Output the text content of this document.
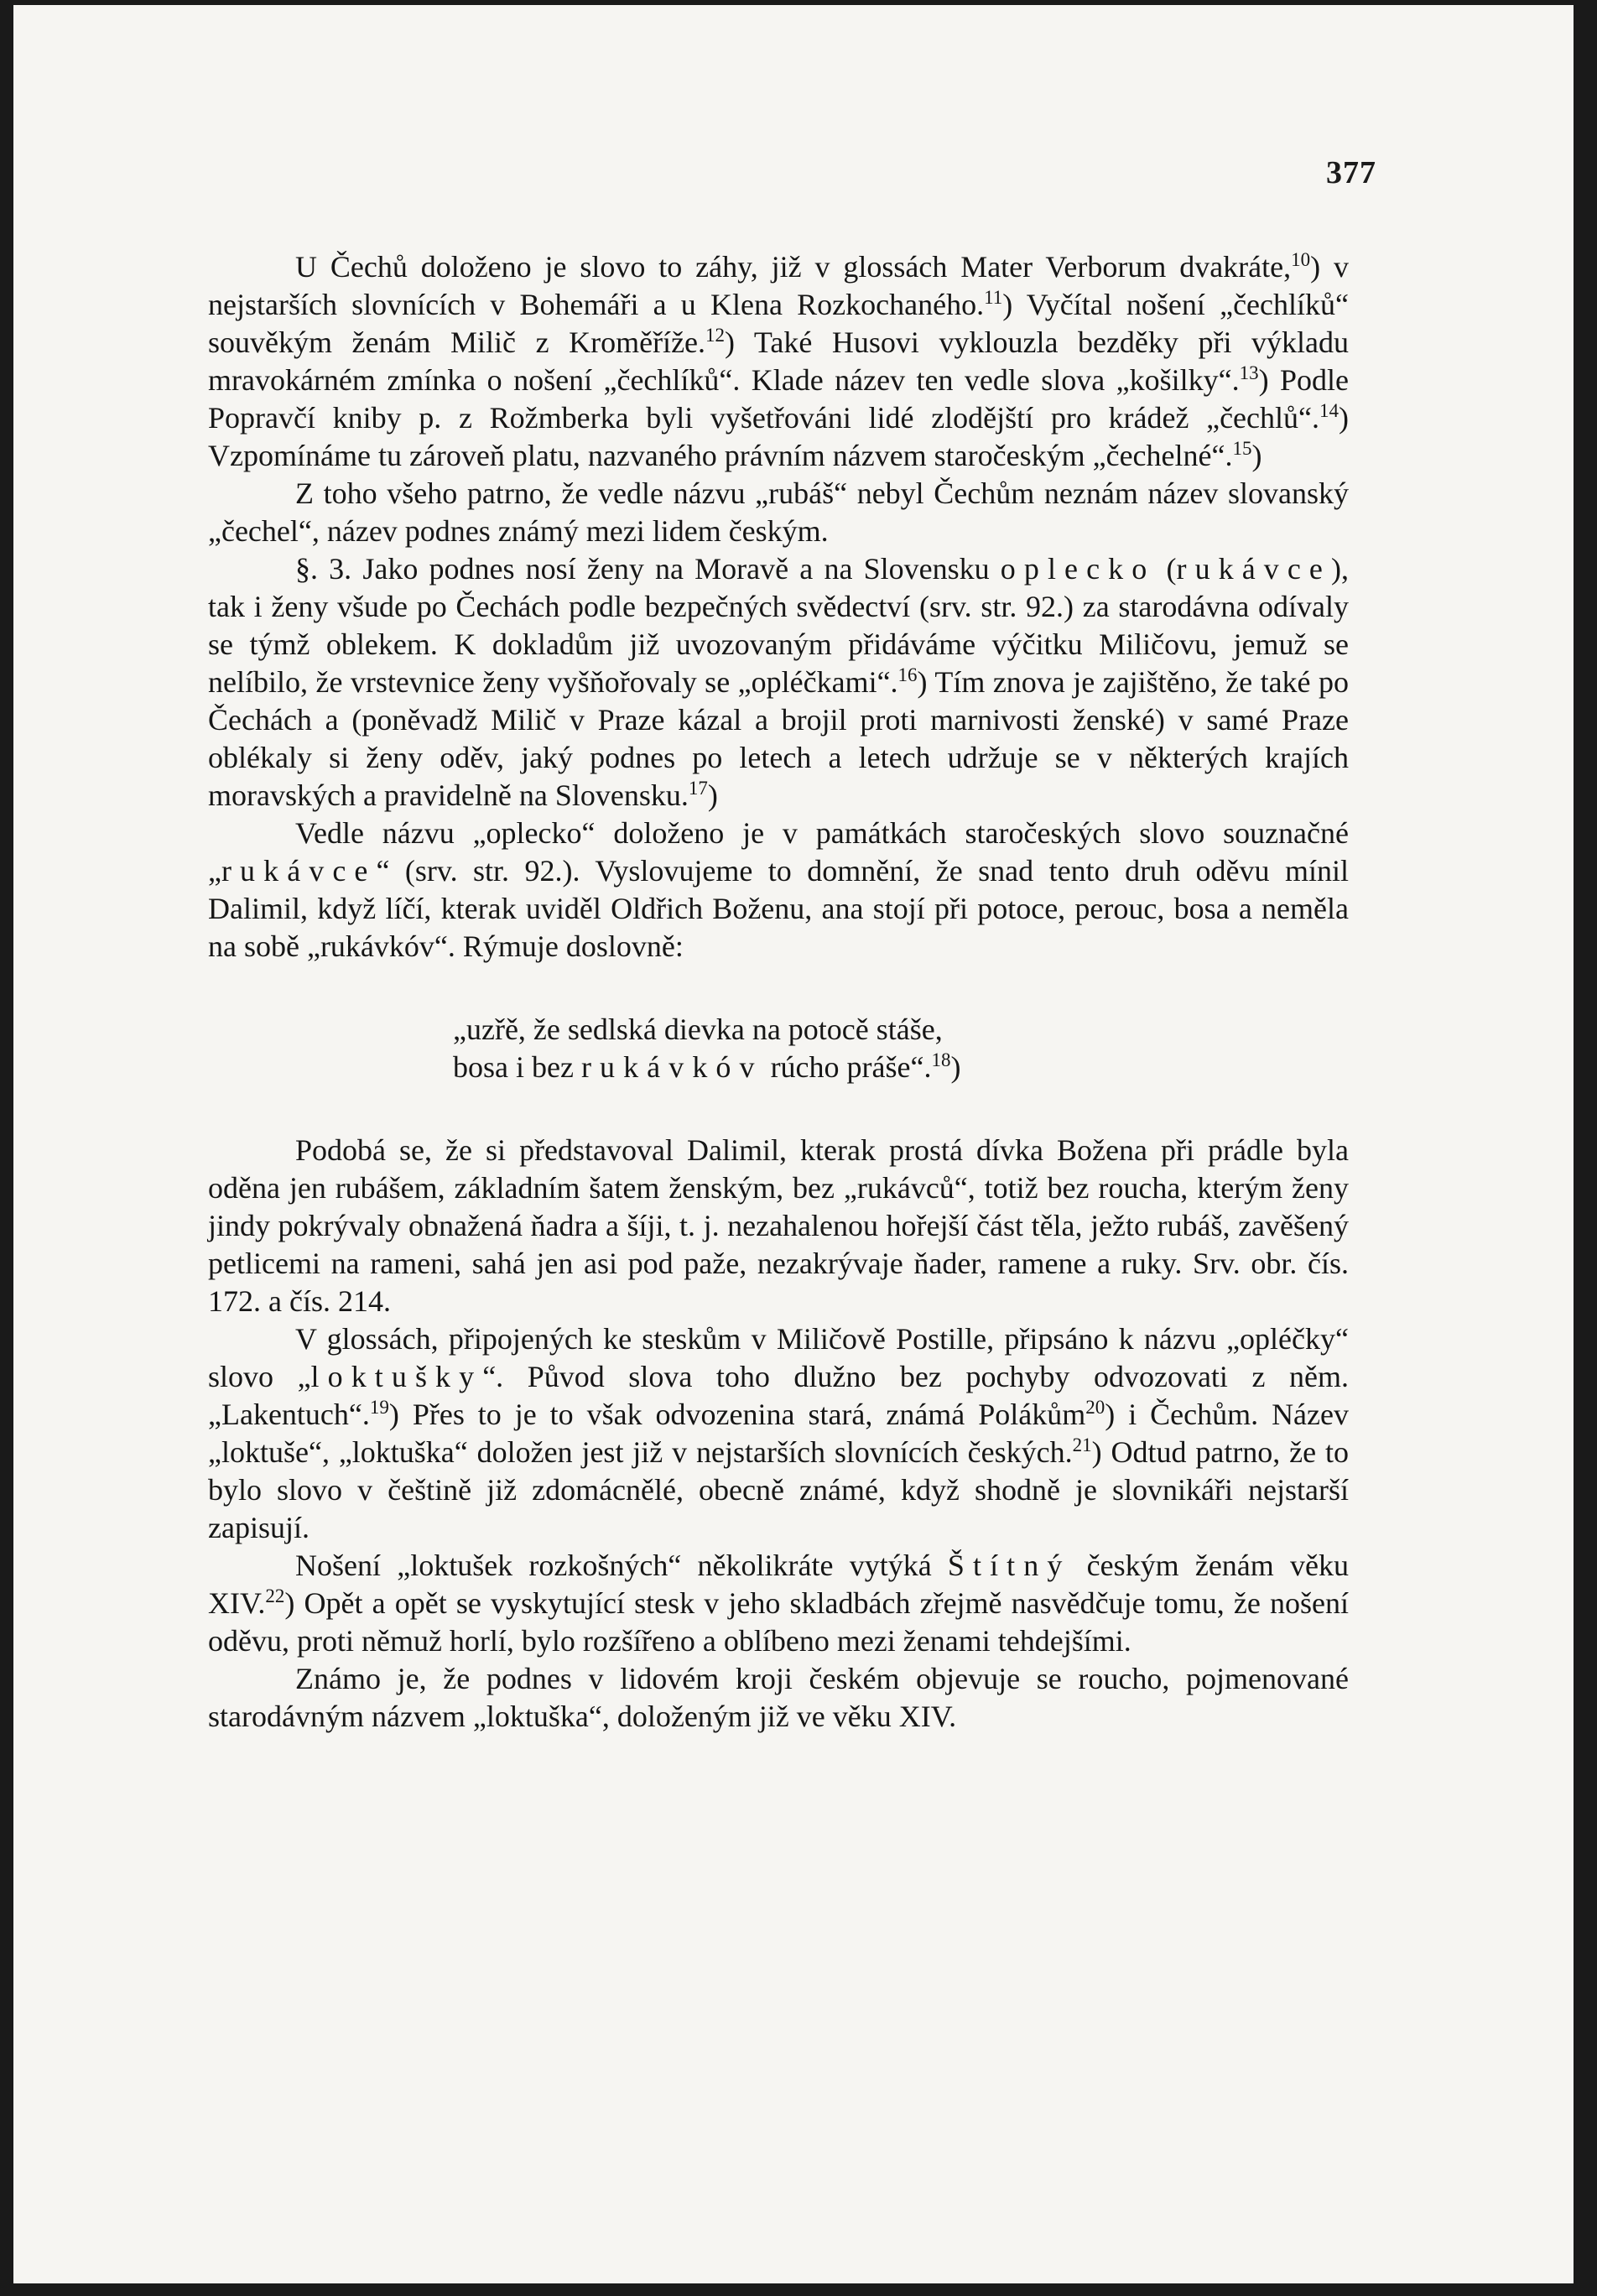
377

U Čechů doloženo je slovo to záhy, již v glossách Mater Verborum dvakráte,$^{10}$) v nejstarších slovnících v Bohemáři a u Klena Rozkochaného.$^{11}$) Vyčítal nošení „čechlíků“ souvěkým ženám Milič z Kroměříže.$^{12}$) Také Husovi vyklouzla bezděky při výkladu mravokárném zmínka o nošení „čechlíků“. Klade název ten vedle slova „košilky“.$^{13}$) Podle Popravčí kniby p. z Rožmberka byli vyšetřováni lidé zlodějští pro krádež „čechlů“.$^{14}$) Vzpomínáme tu zároveň platu, nazvaného právním názvem staročeským „čechelné“.$^{15}$)

Z toho všeho patrno, že vedle názvu „rubáš“ nebyl Čechům neznám název slovanský „čechel“, název podnes známý mezi lidem českým.

§. 3. Jako podnes nosí ženy na Moravě a na Slovensku oplecko (rukávce), tak i ženy všude po Čechách podle bezpečných svědectví (srv. str. 92.) za starodávna odívaly se týmž oblekem. K dokladům již uvozovaným přidáváme výčitku Miličovu, jemuž se nelíbilo, že vrstevnice ženy vyšňořovaly se „opléčkami“.$^{16}$) Tím znova je zajištěno, že také po Čechách a (poněvadž Milič v Praze kázal a brojil proti marnivosti ženské) v samé Praze oblékaly si ženy oděv, jaký podnes po letech a letech udržuje se v některých krajích moravských a pravidelně na Slovensku.$^{17}$)

Vedle názvu „oplecko“ doloženo je v památkách staročeských slovo souznačné „rukávce“ (srv. str. 92.). Vyslovujeme to domnění, že snad tento druh oděvu mínil Dalimil, když líčí, kterak uviděl Oldřich Boženu, ana stojí při potoce, perouc, bosa a neměla na sobě „rukávkóv“. Rýmuje doslovně:

„uzřě, že sedlská dievka na potocě stáše,

bosa i bez rukávkóv rúcho práše“.$^{18}$)

Podobá se, že si představoval Dalimil, kterak prostá dívka Božena při prádle byla oděna jen rubášem, základním šatem ženským, bez „rukávců“, totiž bez roucha, kterým ženy jindy pokrývaly obnažená ňadra a šíji, t. j. nezahalenou hořejší část těla, ježto rubáš, zavěšený petlicemi na rameni, sahá jen asi pod paže, nezakrývaje ňader, ramene a ruky. Srv. obr. čís. 172. a čís. 214.

V glossách, připojených ke steskům v Miličově Postille, připsáno k názvu „opléčky“ slovo „loktušky“. Původ slova toho dlužno bez pochyby odvozovati z něm. „Lakentuch“.$^{19}$) Přes to je to však odvozenina stará, známá Polákům$^{20}$) i Čechům. Název „loktuše“, „loktuška“ doložen jest již v nejstarších slovnících českých.$^{21}$) Odtud patrno, že to bylo slovo v češtině již zdomácnělé, obecně známé, když shodně je slovnikáři nejstarší zapisují.

Nošení „loktušek rozkošných“ několikráte vytýká Štítný českým ženám věku XIV.$^{22}$) Opět a opět se vyskytující stesk v jeho skladbách zřejmě nasvědčuje tomu, že nošení oděvu, proti němuž horlí, bylo rozšířeno a oblíbeno mezi ženami tehdejšími.

Známo je, že podnes v lidovém kroji českém objevuje se roucho, pojmenované starodávným názvem „loktuška“, doloženým již ve věku XIV.
